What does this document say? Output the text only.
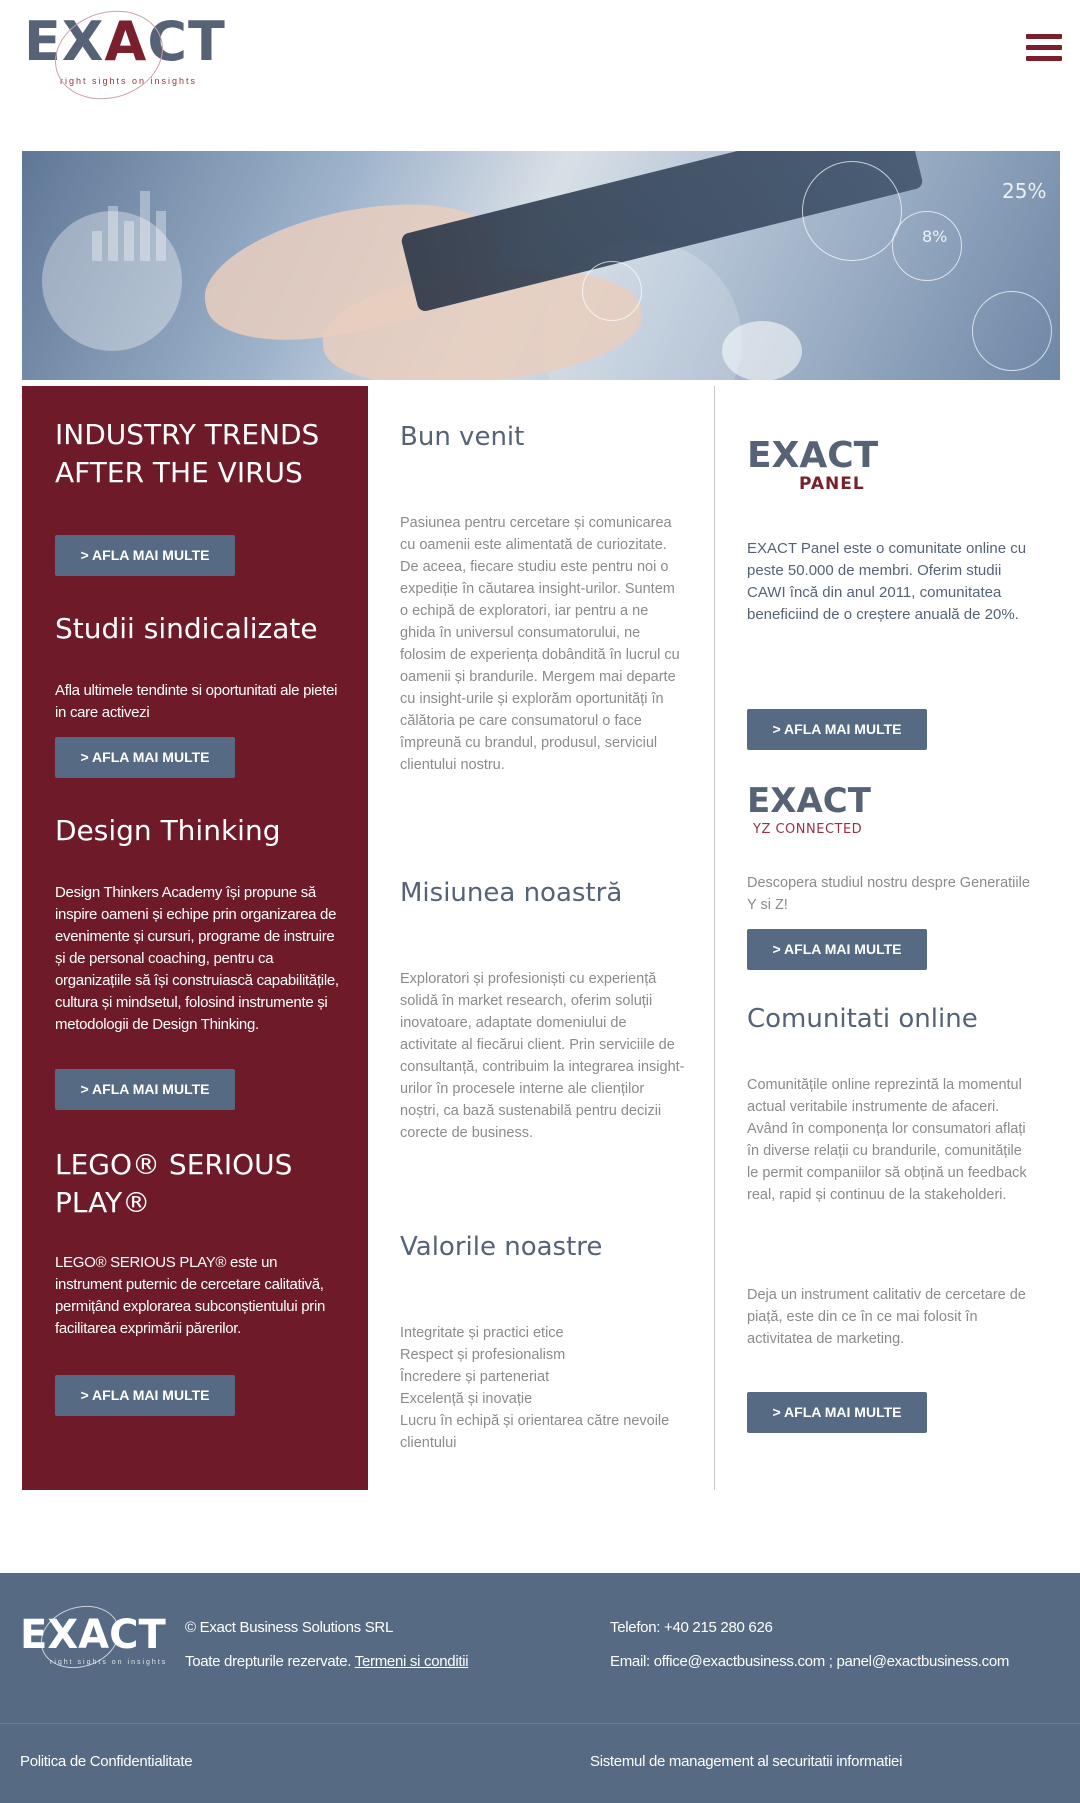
EXACT
right sights on insights
25%
8%
INDUSTRY TRENDS AFTER THE VIRUS
> AFLA MAI MULTE
Studii sindicalizate

Afla ultimele tendinte si oportunitati ale pietei in care activezi

> AFLA MAI MULTE
Design Thinking

Design Thinkers Academy își propune să inspire oameni și echipe prin organizarea de evenimente și cursuri, programe de instruire și de personal coaching, pentru ca organizațiile să își construiască capabilitățile, cultura și mindsetul, folosind instrumente și metodologii de Design Thinking.

> AFLA MAI MULTE
LEGO® SERIOUS PLAY®

LEGO® SERIOUS PLAY® este un instrument puternic de cercetare calitativă, permițând explorarea subconștientului prin facilitarea exprimării părerilor.

> AFLA MAI MULTE
Bun venit

Pasiunea pentru cercetare și comunicarea cu oamenii este alimentată de curiozitate. De aceea, fiecare studiu este pentru noi o expediție în căutarea insight-urilor. Suntem o echipă de exploratori, iar pentru a ne ghida în universul consumatorului, ne folosim de experiența dobândită în lucrul cu oamenii și brandurile. Mergem mai departe cu insight-urile și explorăm oportunități în călătoria pe care consumatorul o face împreună cu brandul, produsul, serviciul clientului nostru.

Misiunea noastră

Exploratori și profesioniști cu experiență solidă în market research, oferim soluții inovatoare, adaptate domeniului de activitate al fiecărui client. Prin serviciile de consultanță, contribuim la integrarea insight-urilor în procesele interne ale clienților noștri, ca bază sustenabilă pentru decizii corecte de business.

Valorile noastre
Integritate și practici etice
Respect și profesionalism
Încredere și parteneriat
Excelență și inovație
Lucru în echipă și orientarea către nevoile clientului
EXACT
PANEL

EXACT Panel este o comunitate online cu peste 50.000 de membri. Oferim studii CAWI încă din anul 2011, comunitatea beneficiind de o creștere anuală de 20%.

> AFLA MAI MULTE
EXACT
YZ CONNECTED

Descopera studiul nostru despre Generatiile Y si Z!

> AFLA MAI MULTE
Comunitati online

Comunitățile online reprezintă la momentul actual veritabile instrumente de afaceri. Având în componența lor consumatori aflați în diverse relații cu brandurile, comunitățile le permit companiilor să obțină un feedback real, rapid și continuu de la stakeholderi.

Deja un instrument calitativ de cercetare de piață, este din ce în ce mai folosit în activitatea de marketing.

> AFLA MAI MULTE
EXACT
right sights on insights
© Exact Business Solutions SRL
Toate drepturile rezervate. Termeni si conditii
Telefon: +40 215 280 626
Email: office@exactbusiness.com ; panel@exactbusiness.com
Politica de Confidentialitate	Sistemul de management al securitatii informatiei
